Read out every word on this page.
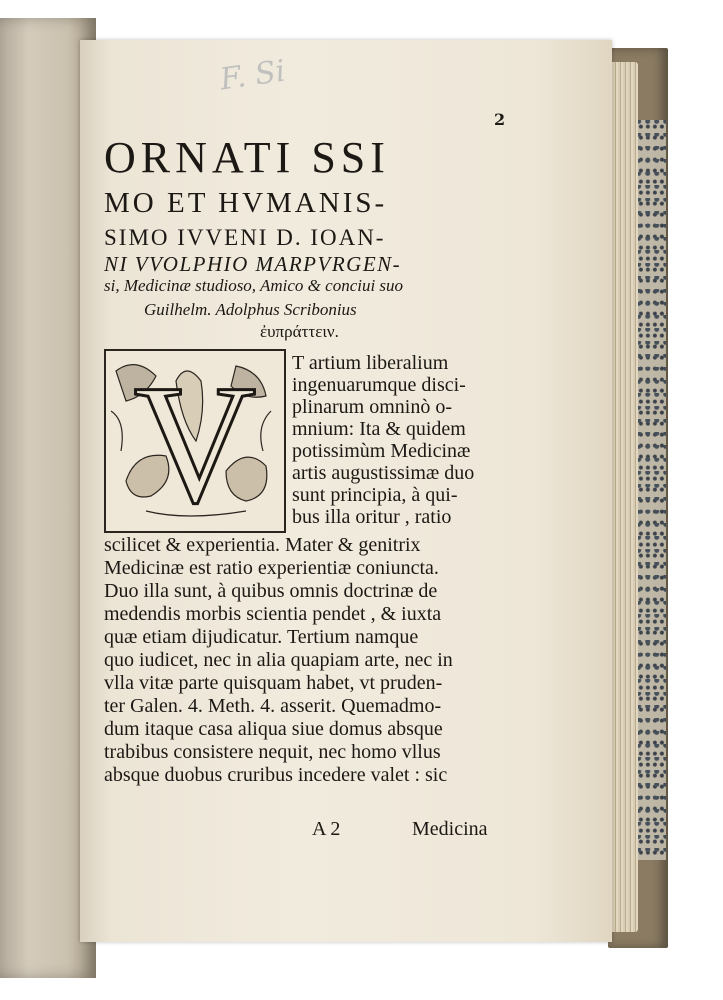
F. Si
2
ORNATI SSI
MO ET HVMANIS-
SIMO IVVENI D. IOAN-
NI VVOLPHIO MARPVRGEN-
si, Medicinæ studioso, Amico & conciui suo
Guilhelm. Adolphus Scribonius
ἐυπράττειν.
V T artium liberalium
ingenuarumque disci-
plinarum omninò o-
mnium: Ita & quidem
potissimùm Medicinæ
artis augustissimæ duo
sunt principia, à qui-
bus illa oritur , ratio
scilicet & experientia. Mater & genitrix
Medicinæ est ratio experientiæ coniuncta.
Duo illa sunt, à quibus omnis doctrinæ de
medendis morbis scientia pendet , & iuxta
quæ etiam dijudicatur. Tertium namque
quo iudicet, nec in alia quapiam arte, nec in
vlla vitæ parte quisquam habet, vt pruden-
ter Galen. 4. Meth. 4. asserit. Quemadmo-
dum itaque casa aliqua siue domus absque
trabibus consistere nequit, nec homo vllus
absque duobus cruribus incedere valet : sic
A 2	Medicina
